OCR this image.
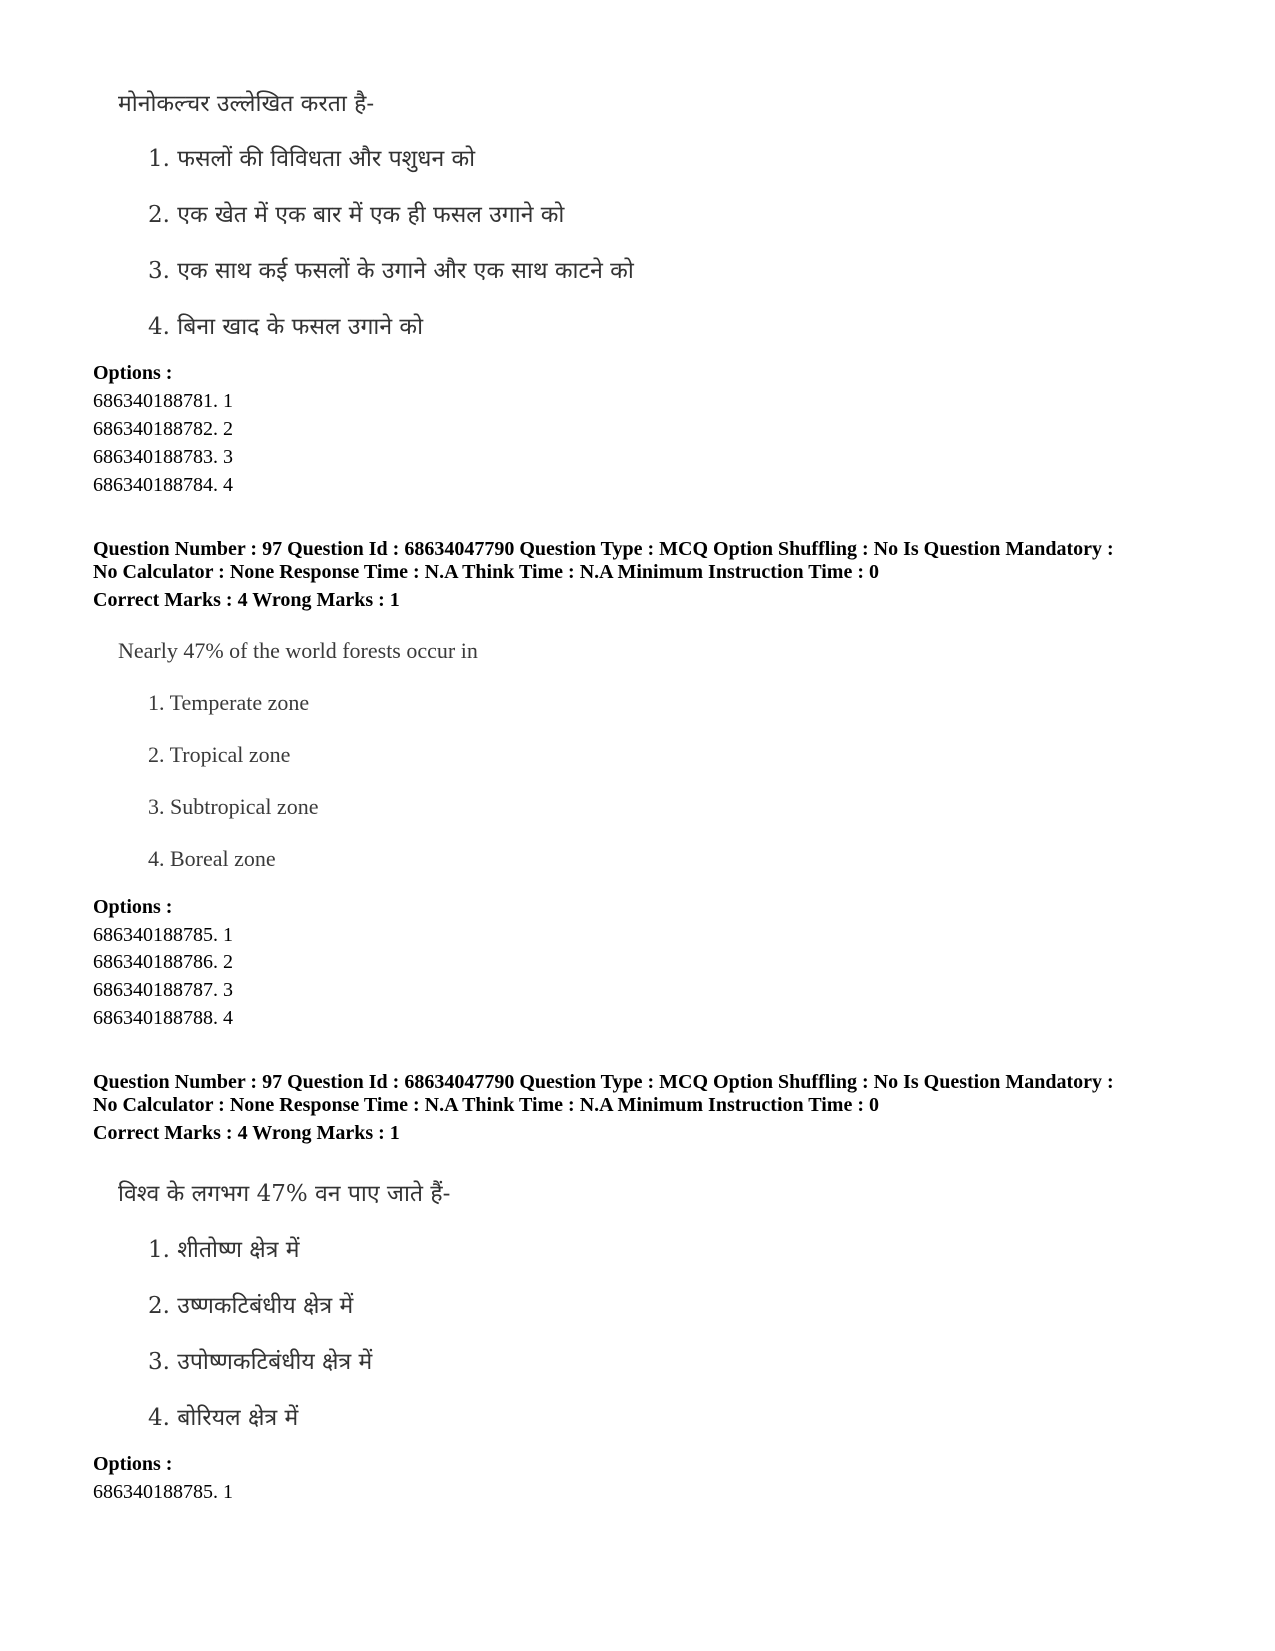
मोनोकल्चर उल्लेखित करता है-
1. फसलों की विविधता और पशुधन को
2. एक खेत में एक बार में एक ही फसल उगाने को
3. एक साथ कई फसलों के उगाने और एक साथ काटने को
4. बिना खाद के फसल उगाने को
Options :
686340188781. 1
686340188782. 2
686340188783. 3
686340188784. 4
Question Number : 97 Question Id : 68634047790 Question Type : MCQ Option Shuffling : No Is Question Mandatory :
No Calculator : None Response Time : N.A Think Time : N.A Minimum Instruction Time : 0
Correct Marks : 4 Wrong Marks : 1
Nearly 47% of the world forests occur in
1. Temperate zone
2. Tropical zone
3. Subtropical zone
4. Boreal zone
Options :
686340188785. 1
686340188786. 2
686340188787. 3
686340188788. 4
Question Number : 97 Question Id : 68634047790 Question Type : MCQ Option Shuffling : No Is Question Mandatory :
No Calculator : None Response Time : N.A Think Time : N.A Minimum Instruction Time : 0
Correct Marks : 4 Wrong Marks : 1
विश्व के लगभग 47% वन पाए जाते हैं-
1. शीतोष्ण क्षेत्र में
2. उष्णकटिबंधीय क्षेत्र में
3. उपोष्णकटिबंधीय क्षेत्र में
4. बोरियल क्षेत्र में
Options :
686340188785. 1
